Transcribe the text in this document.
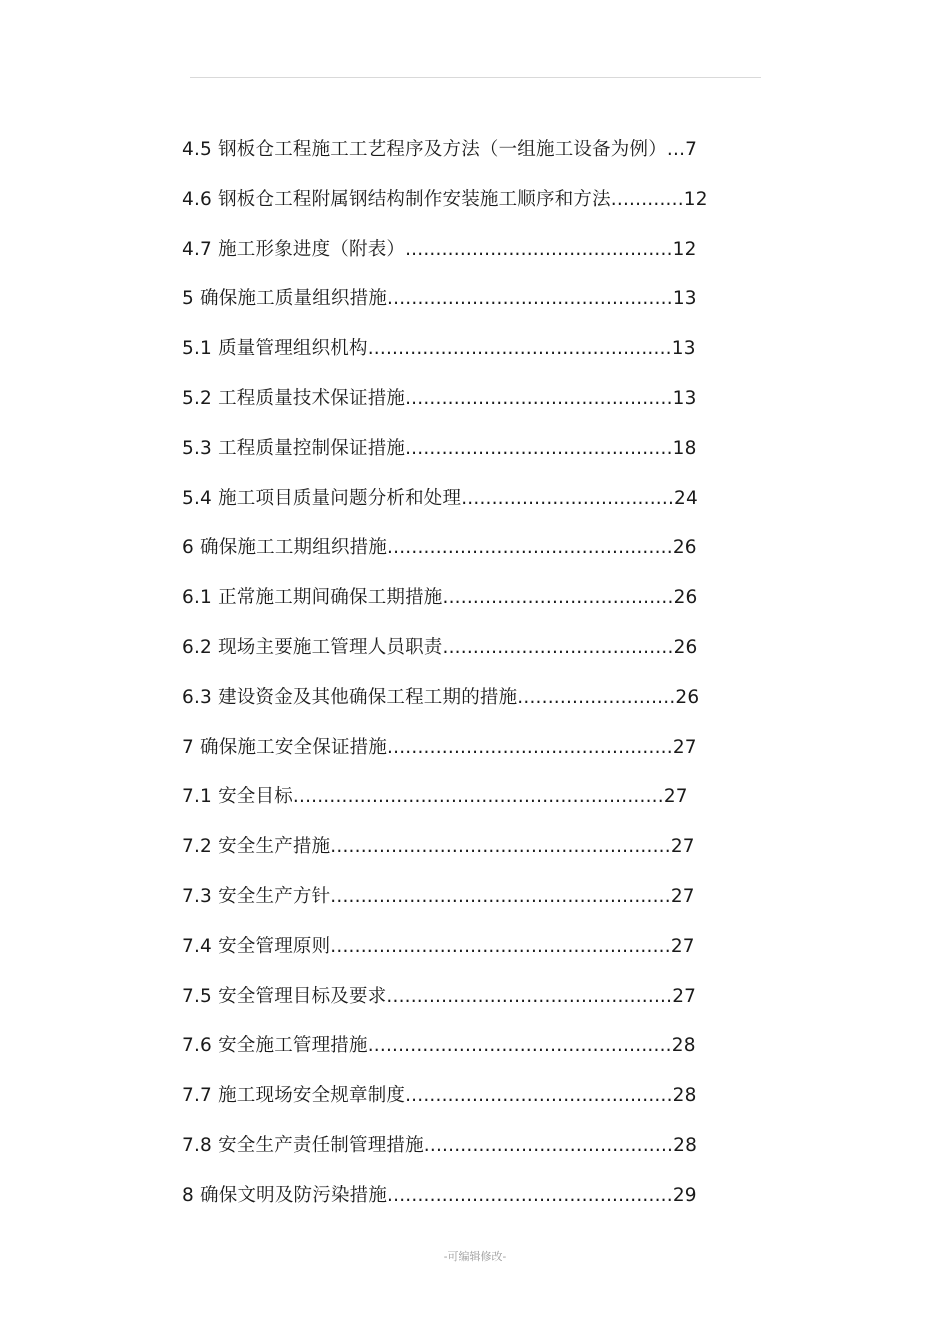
4.5 钢板仓工程施工工艺程序及方法（一组施工设备为例）...7
4.6 钢板仓工程附属钢结构制作安装施工顺序和方法............12
4.7 施工形象进度（附表）............................................12
5 确保施工质量组织措施...............................................13
5.1 质量管理组织机构..................................................13
5.2 工程质量技术保证措施............................................13
5.3 工程质量控制保证措施............................................18
5.4 施工项目质量问题分析和处理...................................24
6 确保施工工期组织措施...............................................26
6.1 正常施工期间确保工期措施......................................26
6.2 现场主要施工管理人员职责......................................26
6.3 建设资金及其他确保工程工期的措施..........................26
7 确保施工安全保证措施...............................................27
7.1 安全目标.............................................................27
7.2 安全生产措施........................................................27
7.3 安全生产方针........................................................27
7.4 安全管理原则........................................................27
7.5 安全管理目标及要求...............................................27
7.6 安全施工管理措施..................................................28
7.7 施工现场安全规章制度............................................28
7.8 安全生产责任制管理措施.........................................28
8 确保文明及防污染措施...............................................29
-可编辑修改-
